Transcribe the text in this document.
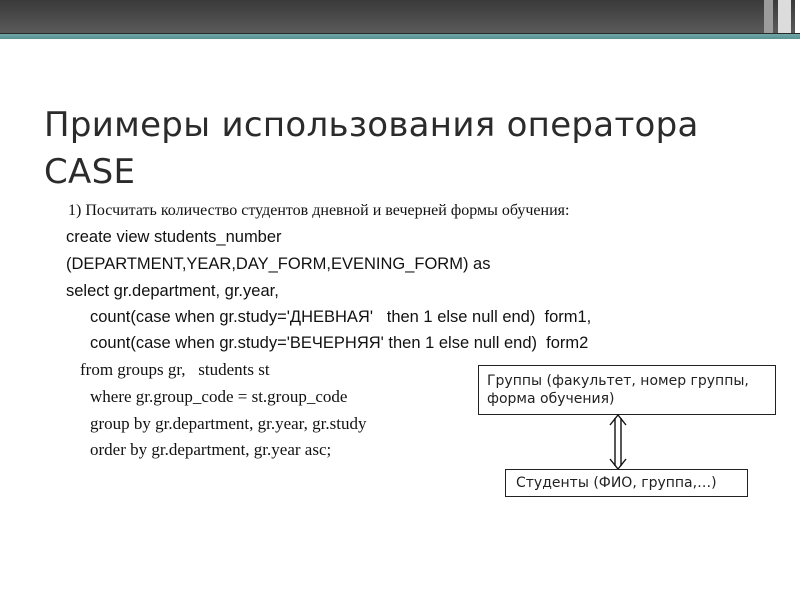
Примеры использования оператора
CASE
1) Посчитать количество студентов дневной и вечерней формы обучения:
create view students_number
(DEPARTMENT,YEAR,DAY_FORM,EVENING_FORM) as
select gr.department, gr.year,
count(case when gr.study='ДНЕВНАЯ'   then 1 else null end)  form1,
count(case when gr.study='ВЕЧЕРНЯЯ' then 1 else null end)  form2
from groups gr,   students st
where gr.group_code = st.group_code
group by gr.department, gr.year, gr.study
order by gr.department, gr.year asc;
Группы (факультет, номер группы, форма обучения)
Студенты (ФИО, группа,…)
